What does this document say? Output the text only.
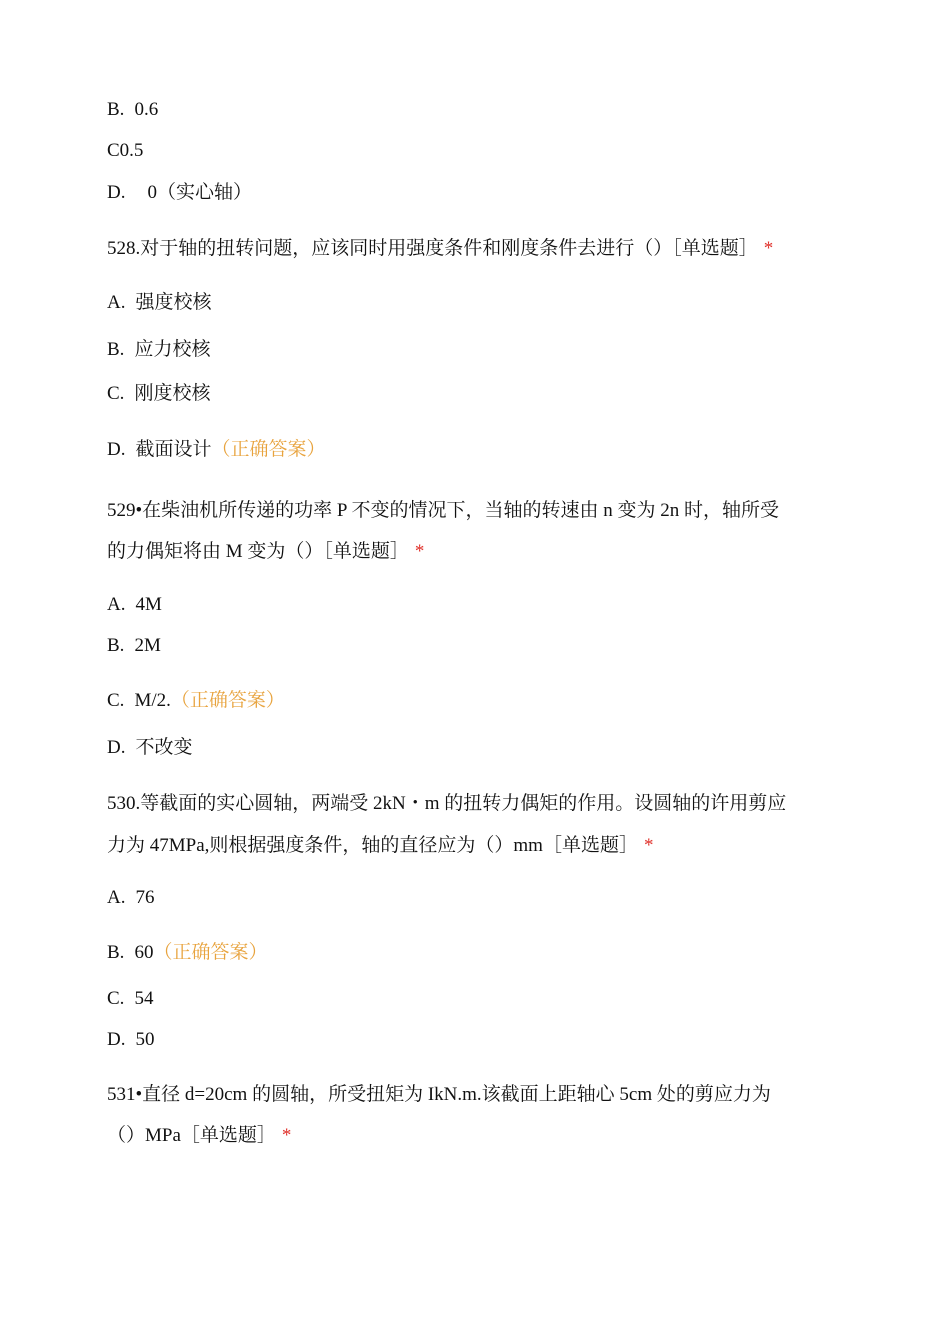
B. 0.6
C0.5
D. 0（实心轴）
528.对于轴的扭转问题，应该同时用强度条件和刚度条件去进行（）［单选题］ *
A. 强度校核
B. 应力校核
C. 刚度校核
D. 截面设计（正确答案）
529•在柴油机所传递的功率 P 不变的情况下，当轴的转速由 n 变为 2n 时，轴所受
的力偶矩将由 M 变为（）［单选题］ *
A. 4M
B. 2M
C. M/2.（正确答案）
D. 不改变
530.等截面的实心圆轴，两端受 2kN・m 的扭转力偶矩的作用。设圆轴的许用剪应
力为 47MPa,则根据强度条件，轴的直径应为（）mm［单选题］ *
A. 76
B. 60（正确答案）
C. 54
D. 50
531•直径 d=20cm 的圆轴，所受扭矩为 IkN.m.该截面上距轴心 5cm 处的剪应力为
（）MPa［单选题］ *
